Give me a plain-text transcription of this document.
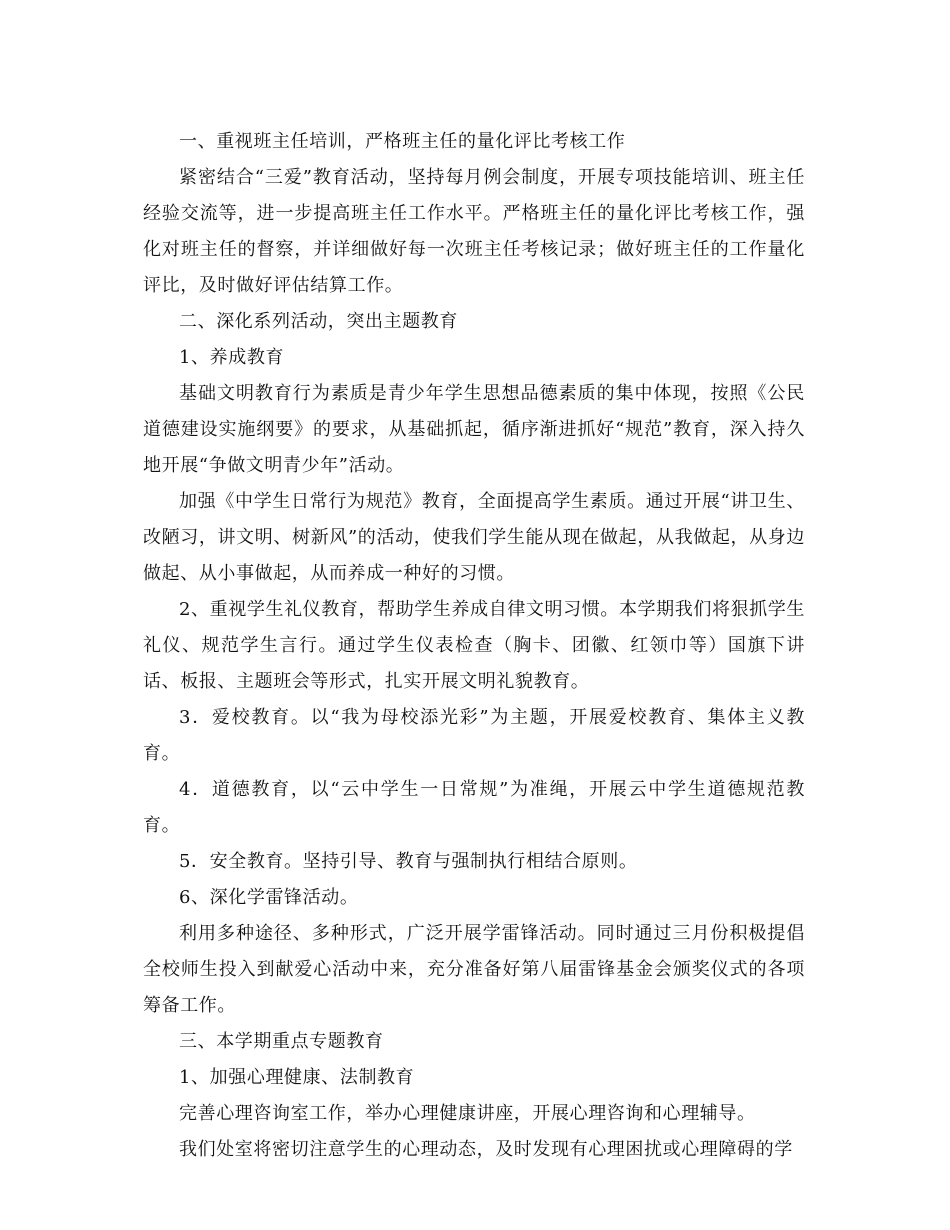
一、重视班主任培训，严格班主任的量化评比考核工作

紧密结合“三爱”教育活动，坚持每月例会制度，开展专项技能培训、班主任经验交流等，进一步提高班主任工作水平。严格班主任的量化评比考核工作，强化对班主任的督察，并详细做好每一次班主任考核记录；做好班主任的工作量化评比，及时做好评估结算工作。

二、深化系列活动，突出主题教育

1、养成教育

基础文明教育行为素质是青少年学生思想品德素质的集中体现，按照《公民道德建设实施纲要》的要求，从基础抓起，循序渐进抓好“规范”教育，深入持久地开展“争做文明青少年”活动。

加强《中学生日常行为规范》教育，全面提高学生素质。通过开展“讲卫生、改陋习，讲文明、树新风”的活动，使我们学生能从现在做起，从我做起，从身边做起、从小事做起，从而养成一种好的习惯。

2、重视学生礼仪教育，帮助学生养成自律文明习惯。本学期我们将狠抓学生礼仪、规范学生言行。通过学生仪表检查（胸卡、团徽、红领巾等）国旗下讲话、板报、主题班会等形式，扎实开展文明礼貌教育。

3．爱校教育。以“我为母校添光彩”为主题，开展爱校教育、集体主义教育。

4．道德教育，以“云中学生一日常规”为准绳，开展云中学生道德规范教育。

5．安全教育。坚持引导、教育与强制执行相结合原则。

6、深化学雷锋活动。

利用多种途径、多种形式，广泛开展学雷锋活动。同时通过三月份积极提倡全校师生投入到献爱心活动中来，充分准备好第八届雷锋基金会颁奖仪式的各项筹备工作。

三、本学期重点专题教育

1、加强心理健康、法制教育

完善心理咨询室工作，举办心理健康讲座，开展心理咨询和心理辅导。

我们处室将密切注意学生的心理动态，及时发现有心理困扰或心理障碍的学
